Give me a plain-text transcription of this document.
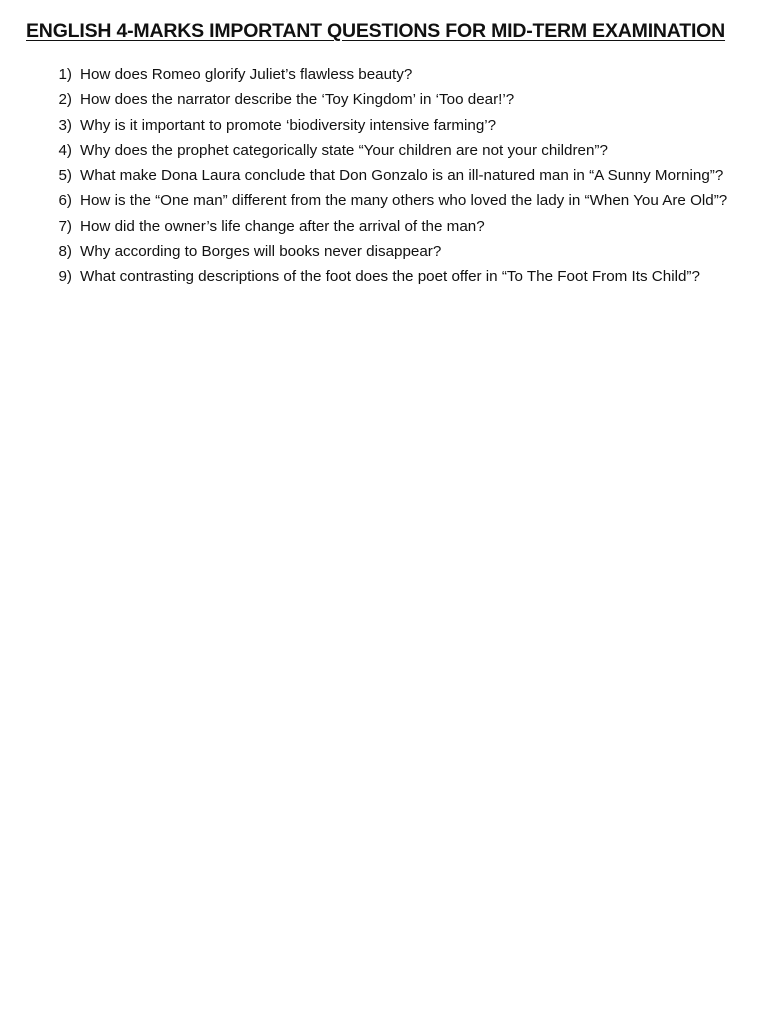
ENGLISH 4-MARKS IMPORTANT QUESTIONS FOR MID-TERM EXAMINATION
1) How does Romeo glorify Juliet’s flawless beauty?
2) How does the narrator describe the ‘Toy Kingdom’ in ‘Too dear!’?
3) Why is it important to promote ‘biodiversity intensive farming’?
4) Why does the prophet categorically state “Your children are not your children”?
5) What make Dona Laura conclude that Don Gonzalo is an ill-natured man in “A Sunny Morning”?
6) How is the “One man” different from the many others who loved the lady in “When You Are Old”?
7) How did the owner’s life change after the arrival of the man?
8) Why according to Borges will books never disappear?
9) What contrasting descriptions of the foot does the poet offer in “To The Foot From Its Child”?
